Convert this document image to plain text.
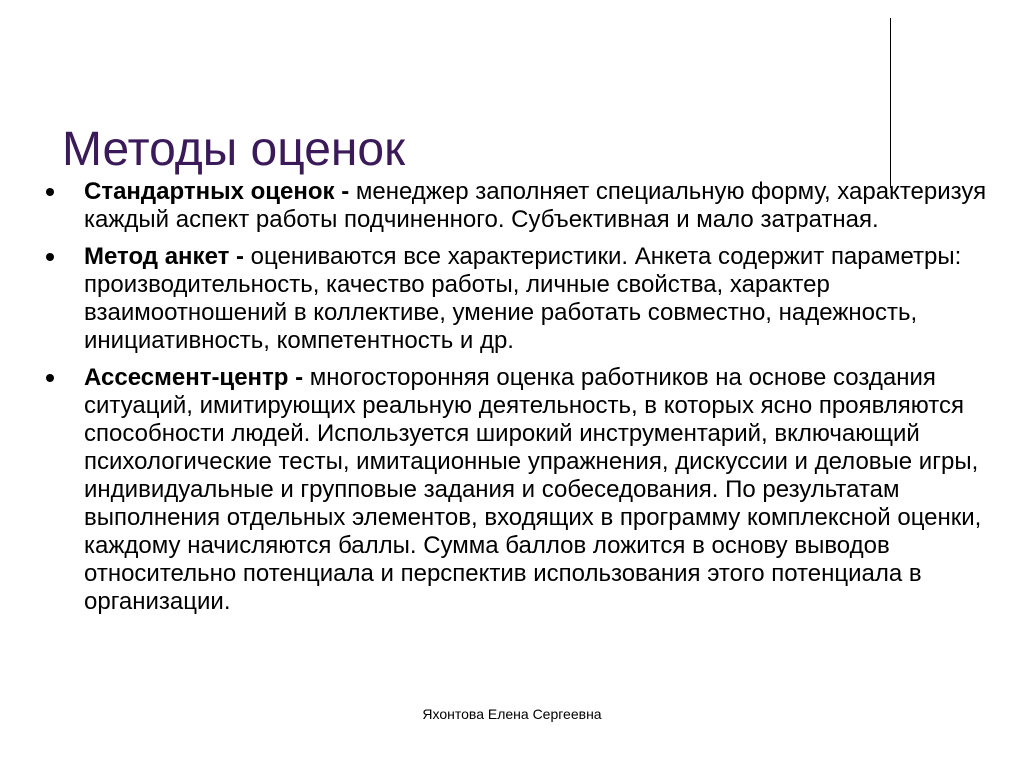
Методы оценок
Стандартных оценок - менеджер заполняет специальную форму, характеризуя каждый аспект работы подчиненного. Субъективная и мало затратная.
Метод анкет - оцениваются все характеристики. Анкета содержит параметры: производительность, качество работы, личные свойства, характер взаимоотношений в коллективе, умение работать совместно, надежность, инициативность, компетентность и др.
Ассесмент-центр - многосторонняя оценка работников на основе создания ситуаций, имитирующих реальную деятельность, в которых ясно проявляются способности людей. Используется широкий инструментарий, включающий психологические тесты, имитационные упражнения, дискуссии и деловые игры, индивидуальные и групповые задания и собеседования. По результатам выполнения отдельных элементов, входящих в программу комплексной оценки, каждому начисляются баллы. Сумма баллов ложится в основу выводов относительно потенциала и перспектив использования этого потенциала в организации.
Яхонтова Елена Сергеевна
